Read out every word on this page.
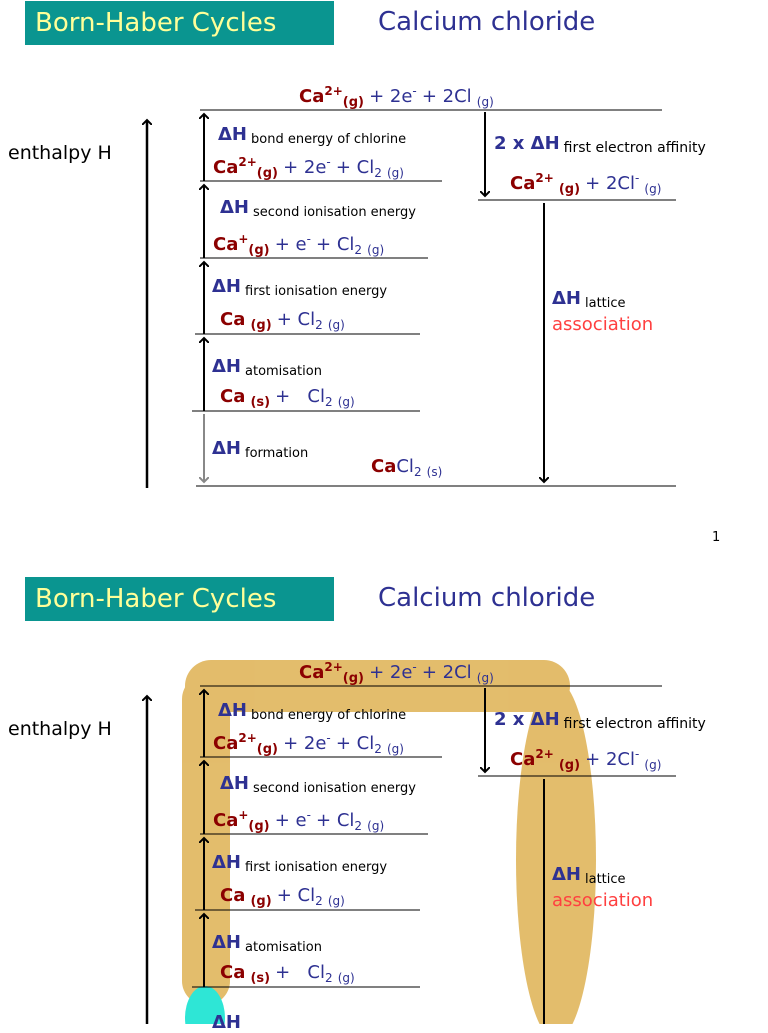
Born-Haber Cycles	Calcium chloride
enthalpy H
$Ca^{2+}_{(g)} + 2e^- + 2Cl$ $_{(g)}$
ΔH $_{bond energy of chlorine}$
$Ca^{2+}_{(g)} + 2e^- + Cl_2$ $_{(g)}$
ΔH $_{second ionisation energy}$
$Ca^+_{(g)} + e^- + Cl_2$ $_{(g)}$
ΔH $_{first ionisation energy}$
Ca $_{(g)} + Cl_2$ $_{(g)}$
ΔH $_{atomisation}$
Ca $_{(s)} + Cl_2$ $_{(g)}$
ΔH $_{formation}$
CaCl$_2$ $_{(s)}$
2 x ΔH first electron affinity
$Ca^{2+}$ $_{(g)}$ + 2Cl- $_{(g)}$
ΔH $_{lattice}$
association
1
Born-Haber Cycles	Calcium chloride
enthalpy H
$Ca^{2+}_{(g)} + 2e^- + 2Cl$ $_{(g)}$
ΔH $_{bond energy of chlorine}$
$Ca^{2+}_{(g)} + 2e^- + Cl_2$ $_{(g)}$
ΔH $_{second ionisation energy}$
$Ca^+_{(g)} + e^- + Cl_2$ $_{(g)}$
ΔH $_{first ionisation energy}$
Ca $_{(g)} + Cl_2$ $_{(g)}$
ΔH $_{atomisation}$
Ca $_{(s)} + Cl_2$ $_{(g)}$
ΔH
2 x ΔH first electron affinity
$Ca^{2+}$ $_{(g)}$ + 2Cl- $_{(g)}$
ΔH $_{lattice}$
association
